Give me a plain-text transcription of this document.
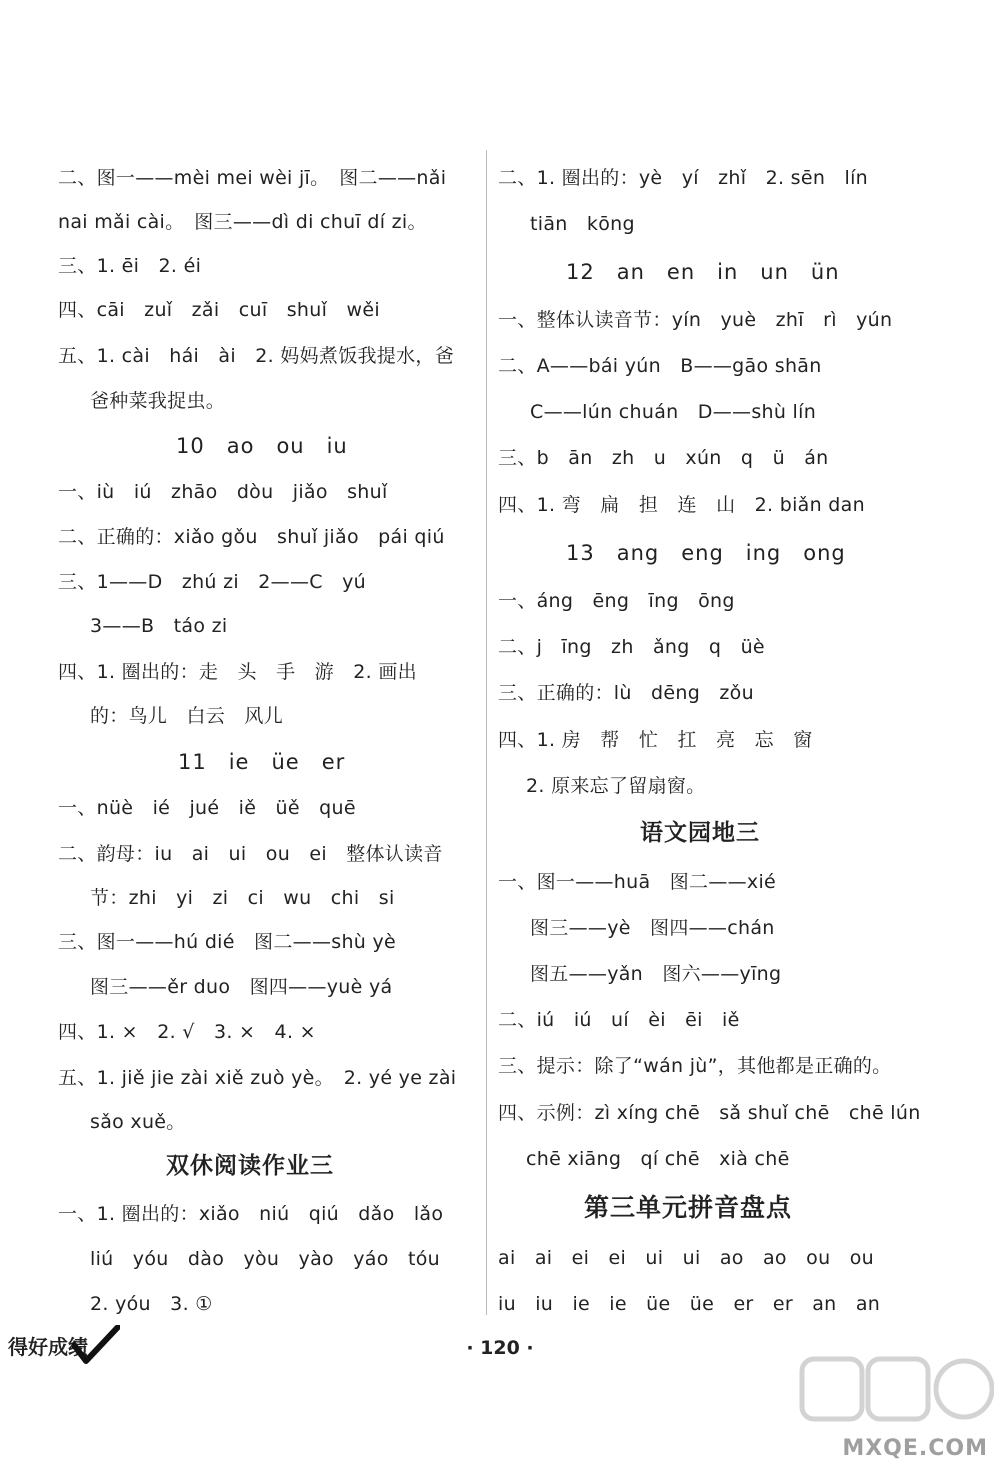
二、图一——mèi mei wèi jī。　图二——nǎi
nai mǎi cài。　图三——dì di chuī dí zi。
三、1. ēi　2. éi
四、cāi　zuǐ　zǎi　cuī　shuǐ　wěi
五、1. cài　hái　ài　2. 妈妈煮饭我提水，爸
爸种菜我捉虫。
10　ao　ou　iu
一、iù　iú　zhāo　dòu　jiǎo　shuǐ
二、正确的：xiǎo gǒu　shuǐ jiǎo　pái qiú
三、1——D　zhú zi　2——C　yú
3——B　táo zi
四、1. 圈出的：走　头　手　游　2. 画出
的：鸟儿　白云　风儿
11　ie　üe　er
一、nüè　ié　jué　iě　üě　quē
二、韵母：iu　ai　ui　ou　ei　整体认读音
节：zhi　yi　zi　ci　wu　chi　si
三、图一——hú dié　图二——shù yè
图三——ěr duo　图四——yuè yá
四、1. ×　2. √　3. ×　4. ×
五、1. jiě jie zài xiě zuò yè。　2. yé ye zài
sǎo xuě。
双休阅读作业三
一、1. 圈出的：xiǎo　niú　qiú　dǎo　lǎo
liú　yóu　dào　yòu　yào　yáo　tóu
2. yóu　3. ①
二、1. 圈出的：yè　yí　zhǐ　2. sēn　lín
tiān　kōng
12　an　en　in　un　ün
一、整体认读音节：yín　yuè　zhī　rì　yún
二、A——bái yún　B——gāo shān
C——lún chuán　D——shù lín
三、b　ān　zh　u　xún　q　ü　án
四、1. 弯　扁　担　连　山　2. biǎn dan
13　ang　eng　ing　ong
一、áng　ēng　īng　ōng
二、j　īng　zh　ǎng　q　üè
三、正确的：lù　dēng　zǒu
四、1. 房　帮　忙　扛　亮　忘　窗
2. 原来忘了留扇窗。
语文园地三
一、图一——huā　图二——xié
图三——yè　图四——chán
图五——yǎn　图六——yīng
二、iú　iú　uí　èi　ēi　iě
三、提示：除了“wán jù”，其他都是正确的。
四、示例：zì xíng chē　sǎ shuǐ chē　chē lún
chē xiāng　qí chē　xià chē
第三单元拼音盘点
ai　ai　ei　ei　ui　ui　ao　ao　ou　ou
iu　iu　ie　ie　üe　üe　er　er　an　an
得好成绩	· 120 ·
MXQE.COM
